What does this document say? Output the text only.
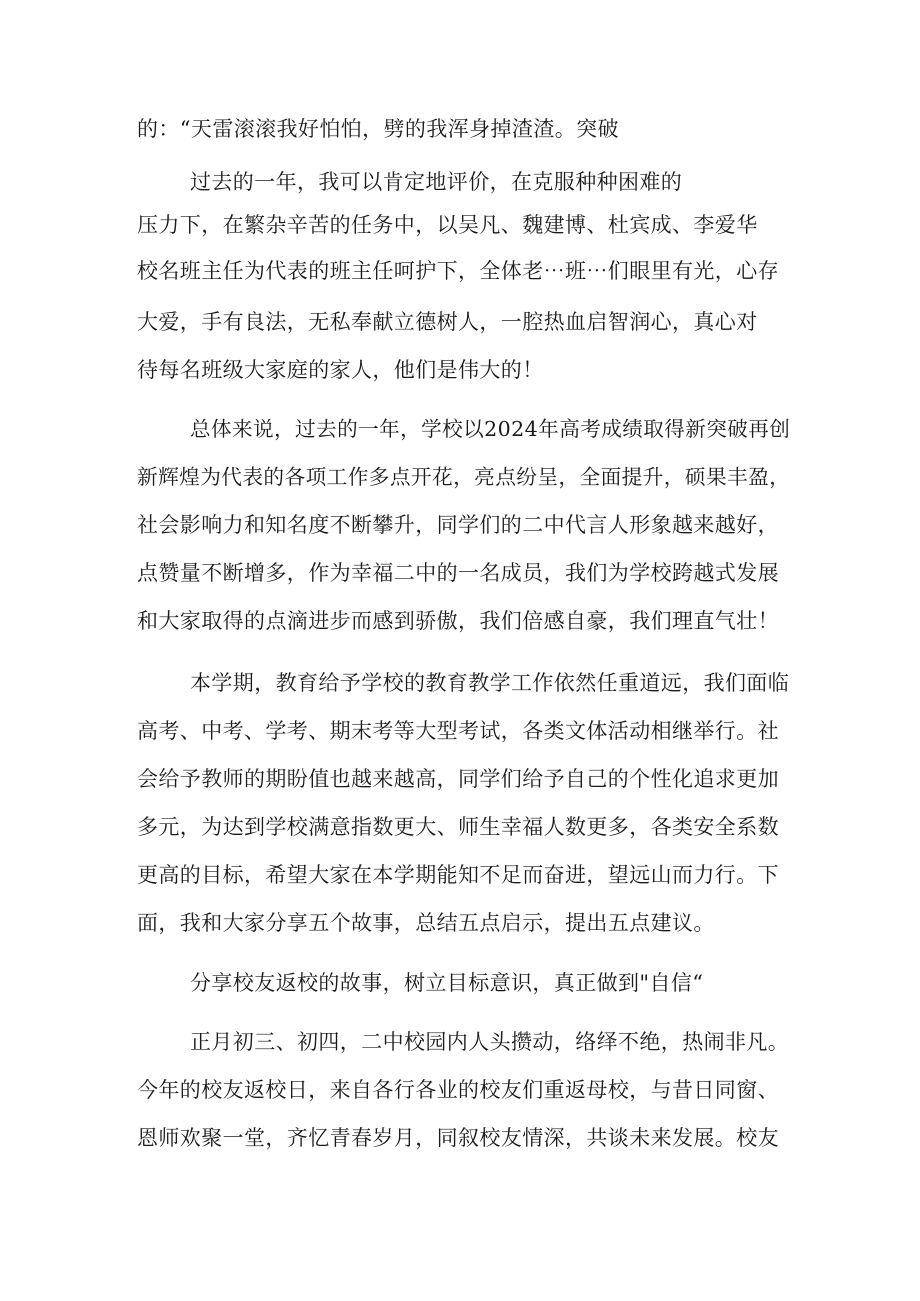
的：“天雷滚滚我好怕怕，劈的我浑身掉渣渣。突破

过去的一年，我可以肯定地评价，在克服种种困难的

压力下，在繁杂辛苦的任务中，以吴凡、魏建博、杜宾成、李爱华

校名班主任为代表的班主任呵护下，全体老⋯班⋯们眼里有光，心存

大爱，手有良法，无私奉献立德树人，一腔热血启智润心，真心对

待每名班级大家庭的家人，他们是伟大的！

总体来说，过去的一年，学校以2024年高考成绩取得新突破再创

新辉煌为代表的各项工作多点开花，亮点纷呈，全面提升，硕果丰盈，

社会影响力和知名度不断攀升，同学们的二中代言人形象越来越好，

点赞量不断增多，作为幸福二中的一名成员，我们为学校跨越式发展

和大家取得的点滴进步而感到骄傲，我们倍感自豪，我们理直气壮！

本学期，教育给予学校的教育教学工作依然任重道远，我们面临

高考、中考、学考、期末考等大型考试，各类文体活动相继举行。社

会给予教师的期盼值也越来越高，同学们给予自己的个性化追求更加

多元，为达到学校满意指数更大、师生幸福人数更多，各类安全系数

更高的目标，希望大家在本学期能知不足而奋进，望远山而力行。下

面，我和大家分享五个故事，总结五点启示，提出五点建议。

分享校友返校的故事，树立目标意识，真正做到"自信“

正月初三、初四，二中校园内人头攒动，络绎不绝，热闹非凡。

今年的校友返校日，来自各行各业的校友们重返母校，与昔日同窗、

恩师欢聚一堂，齐忆青春岁月，同叙校友情深，共谈未来发展。校友
